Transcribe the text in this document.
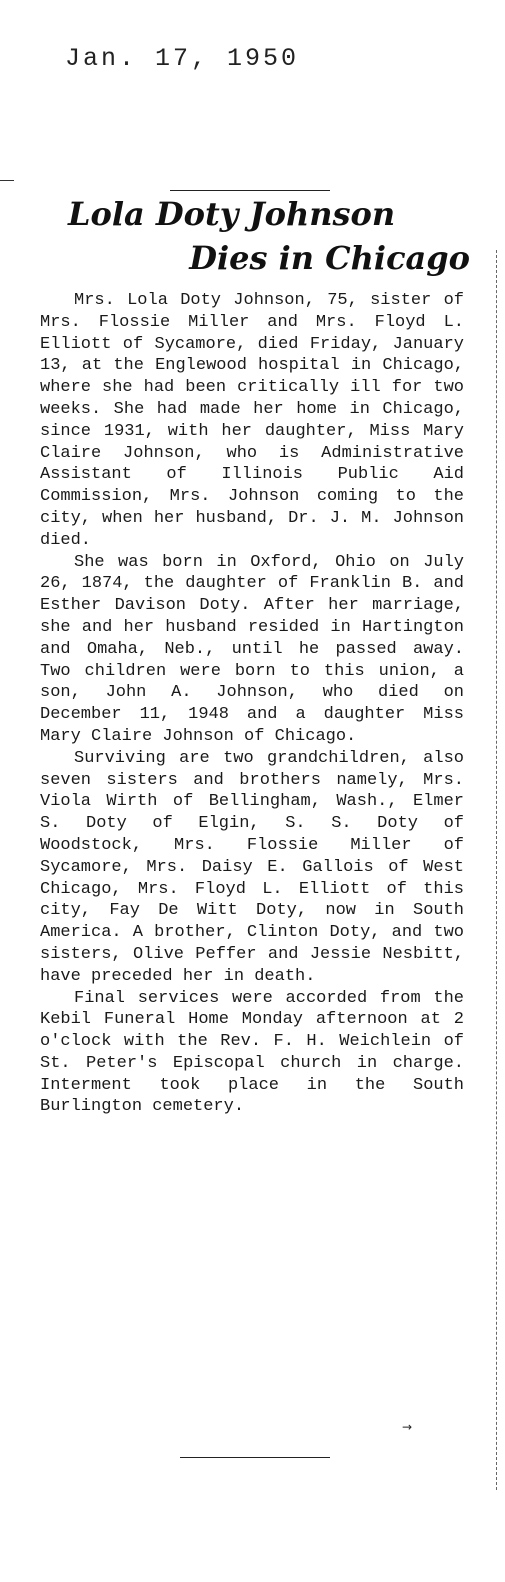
Jan. 17, 1950
Lola Doty Johnson
Dies in Chicago

Mrs. Lola Doty Johnson, 75, sister of Mrs. Flossie Miller and Mrs. Floyd L. Elliott of Sycamore, died Friday, January 13, at the Englewood hospital in Chicago, where she had been critically ill for two weeks. She had made her home in Chicago, since 1931, with her daughter, Miss Mary Claire Johnson, who is Administrative Assistant of Illinois Public Aid Commission, Mrs. Johnson coming to the city, when her husband, Dr. J. M. Johnson died.

She was born in Oxford, Ohio on July 26, 1874, the daughter of Franklin B. and Esther Davison Doty. After her marriage, she and her husband resided in Hartington and Omaha, Neb., until he passed away. Two children were born to this union, a son, John A. Johnson, who died on December 11, 1948 and a daughter Miss Mary Claire Johnson of Chicago.

Surviving are two grandchildren, also seven sisters and brothers namely, Mrs. Viola Wirth of Bellingham, Wash., Elmer S. Doty of Elgin, S. S. Doty of Woodstock, Mrs. Flossie Miller of Sycamore, Mrs. Daisy E. Gallois of West Chicago, Mrs. Floyd L. Elliott of this city, Fay De Witt Doty, now in South America. A brother, Clinton Doty, and two sisters, Olive Peffer and Jessie Nesbitt, have preceded her in death.

Final services were accorded from the Kebil Funeral Home Monday afternoon at 2 o'clock with the Rev. F. H. Weichlein of St. Peter's Episcopal church in charge. Interment took place in the South Burlington cemetery.

→
